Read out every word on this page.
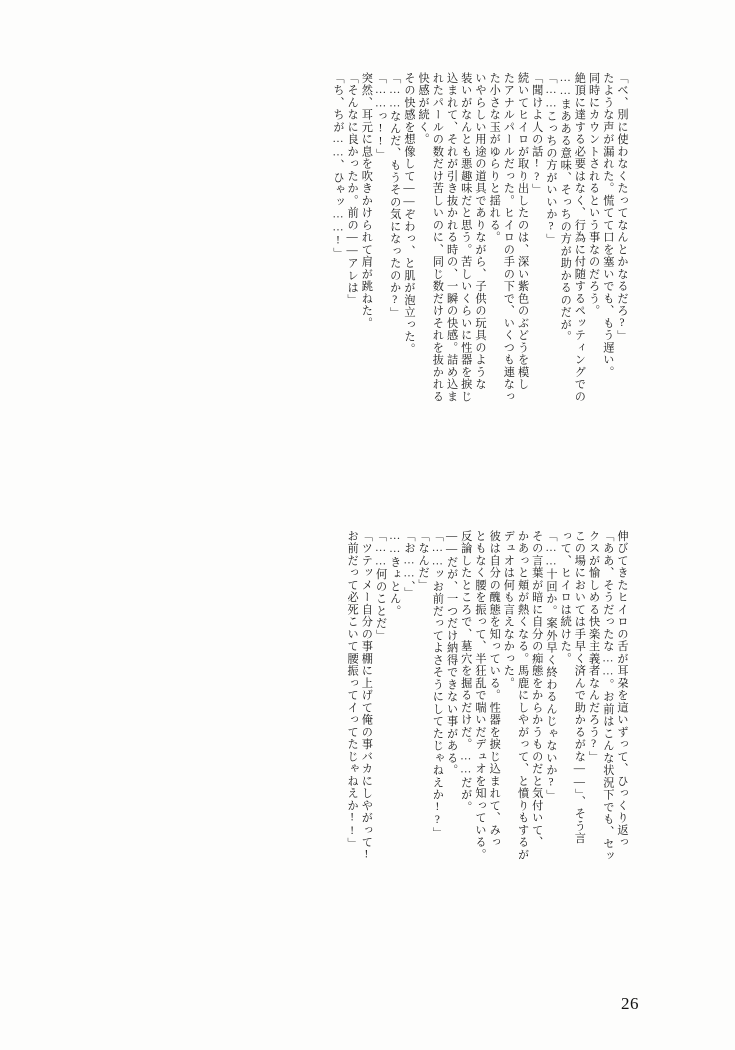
「べ、別に使わなくたってなんとかなるだろ?」
たような声が漏れた。慌てて口を塞いでも、もう遅い。
同時にカウントされるという事なのだろう。
絶頂に達する必要はなく、行為に付随するペッティングでの
……まあある意味、そっちの方が助かるのだが。
「……こっちの方がいいか?」
「聞けよ人の話!?」
続いてヒイロが取り出したのは、深い紫色のぶどうを模し
たアナルパールだった。ヒイロの手の下で、いくつも連なっ
た小さな玉がゆらりと揺れる。
いやらしい用途の道具でありながら、子供の玩具のような
装いがなんとも悪趣味だと思う。苦しいくらいに性器を捩じ
込まれて、それが引き抜かれる時の、一瞬の快感。詰め込ま
れたパールの数だけ苦しいのに、同じ数だけそれを抜かれる
快感が続く。
その快感を想像して——ぞわっ、と肌が泡立った。
「……なんだ、もうその気になったのか?」
「……っ!!」
突然、耳元に息を吹きかけられて肩が跳ねた。
「そんなに良かったか。前の——アレは」
「ち、ちが……、ひゃッ……!」
伸びてきたヒイロの舌が耳朶を這いずって、ひっくり返っ
「ああ、そうだったな……。お前はこんな状況下でも、セッ
クスが愉しめる快楽主義者なんだろう?」
この場においては手早く済んで助かるがな——」、そう言
って、ヒイロは続けた。
「……十回か。案外早く終わるんじゃないか?」
その言葉が暗に自分の痴態をからかうものだと気付いて、
かあっと頬が熱くなる。馬鹿にしやがって、と憤りもするが
デュオは何も言えなかった。
彼は自分の醜態を知っている。性器を捩じ込まれて、みっ
ともなく腰を振って、半狂乱で喘いだデュオを知っている。
反論したところで、墓穴を掘るだけだ。……だが。
——だが、一つだけ納得できない事がある。
「……ッお前だってよさそうにしてたじゃねえか!?」
「なんだ」
「お……、」
……きょとん。
「……何のことだ」
「ツテッメー自分の事棚に上げて俺の事バカにしやがって!
お前だって必死こいて腰振ってイってたじゃねえか!!」
26
